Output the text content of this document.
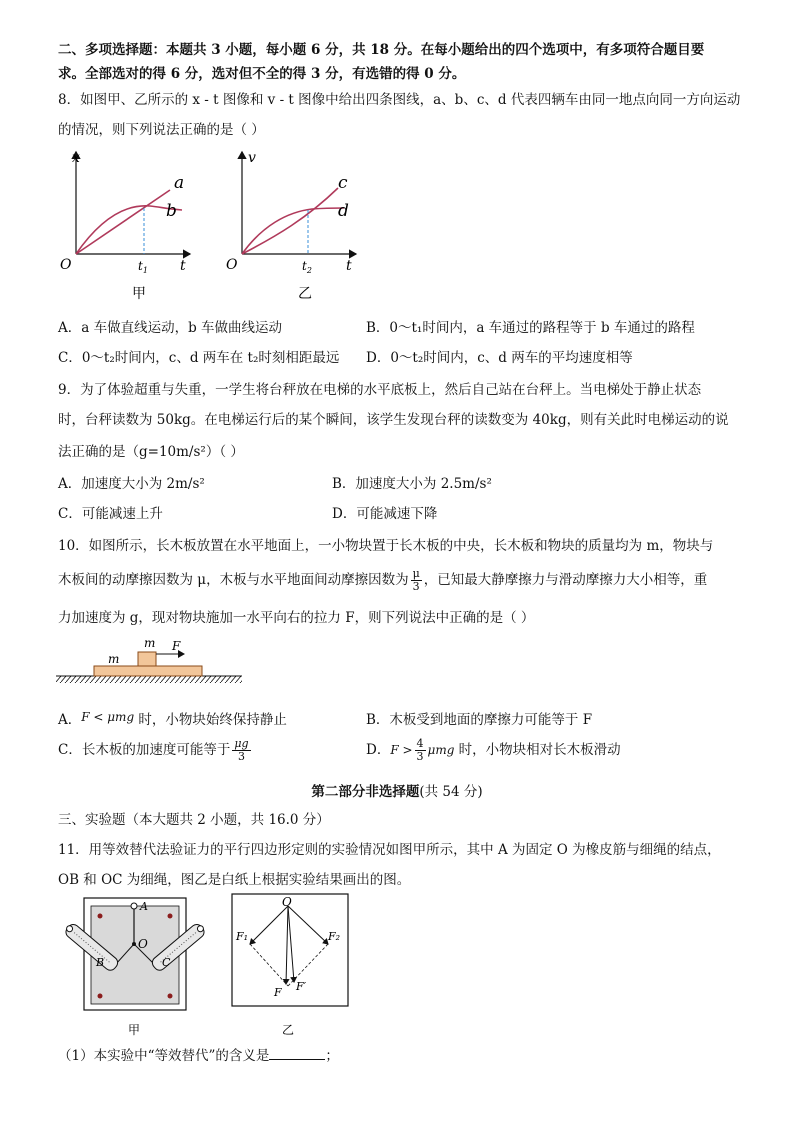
二、多项选择题：本题共 3 小题，每小题 6 分，共 18 分。在每小题给出的四个选项中，有多项符合题目要
求。全部选对的得 6 分，选对但不全的得 3 分，有选错的得 0 分。
8．如图甲、乙所示的 x - t 图像和 v - t 图像中给出四条图线，a、b、c、d 代表四辆车由同一地点向同一方向运动
的情况，则下列说法正确的是（ ）
x
t
O	$t_1$
a
b
甲
v
t
O	$t_2$
c
d
乙
A．a 车做直线运动，b 车做曲线运动	B．0～t₁时间内，a 车通过的路程等于 b 车通过的路程
C．0～t₂时间内，c、d 两车在 t₂时刻相距最远 D．0～t₂时间内，c、d 两车的平均速度相等
9．为了体验超重与失重，一学生将台秤放在电梯的水平底板上，然后自己站在台秤上。当电梯处于静止状态
时，台秤读数为 50kg。在电梯运行后的某个瞬间，该学生发现台秤的读数变为 40kg，则有关此时电梯运动的说
法正确的是（g=10m/s²）（ ）
A．加速度大小为 2m/s²	B．加速度大小为 2.5m/s²
C．可能减速上升	D．可能减速下降
10．如图所示，长木板放置在水平地面上，一小物块置于长木板的中央，长木板和物块的质量均为 m，物块与
木板间的动摩擦因数为 μ，木板与水平地面间动摩擦因数为 $\frac{\mu}{3}$ ，已知最大静摩擦力与滑动摩擦力大小相等，重
力加速度为 g，现对物块施加一水平向右的拉力 F，则下列说法中正确的是（ ）
m
m
F
A．F < μmg 时，小物块始终保持静止	B．木板受到地面的摩擦力可能等于 F
C．长木板的加速度可能等于 $\frac{\mu g}{3}$	D．$F > \frac{4}{3}$ μmg 时，小物块相对长木板滑动
第二部分非选择题(共 54 分)
三、实验题（本大题共 2 小题，共 16.0 分）
11．用等效替代法验证力的平行四边形定则的实验情况如图甲所示，其中 A 为固定 O 为橡皮筋与细绳的结点，
OB 和 OC 为细绳，图乙是白纸上根据实验结果画出的图。
A
O
B	C
甲
O
F₁	F₂
F F′
乙
（1）本实验中“等效替代”的含义是	；
